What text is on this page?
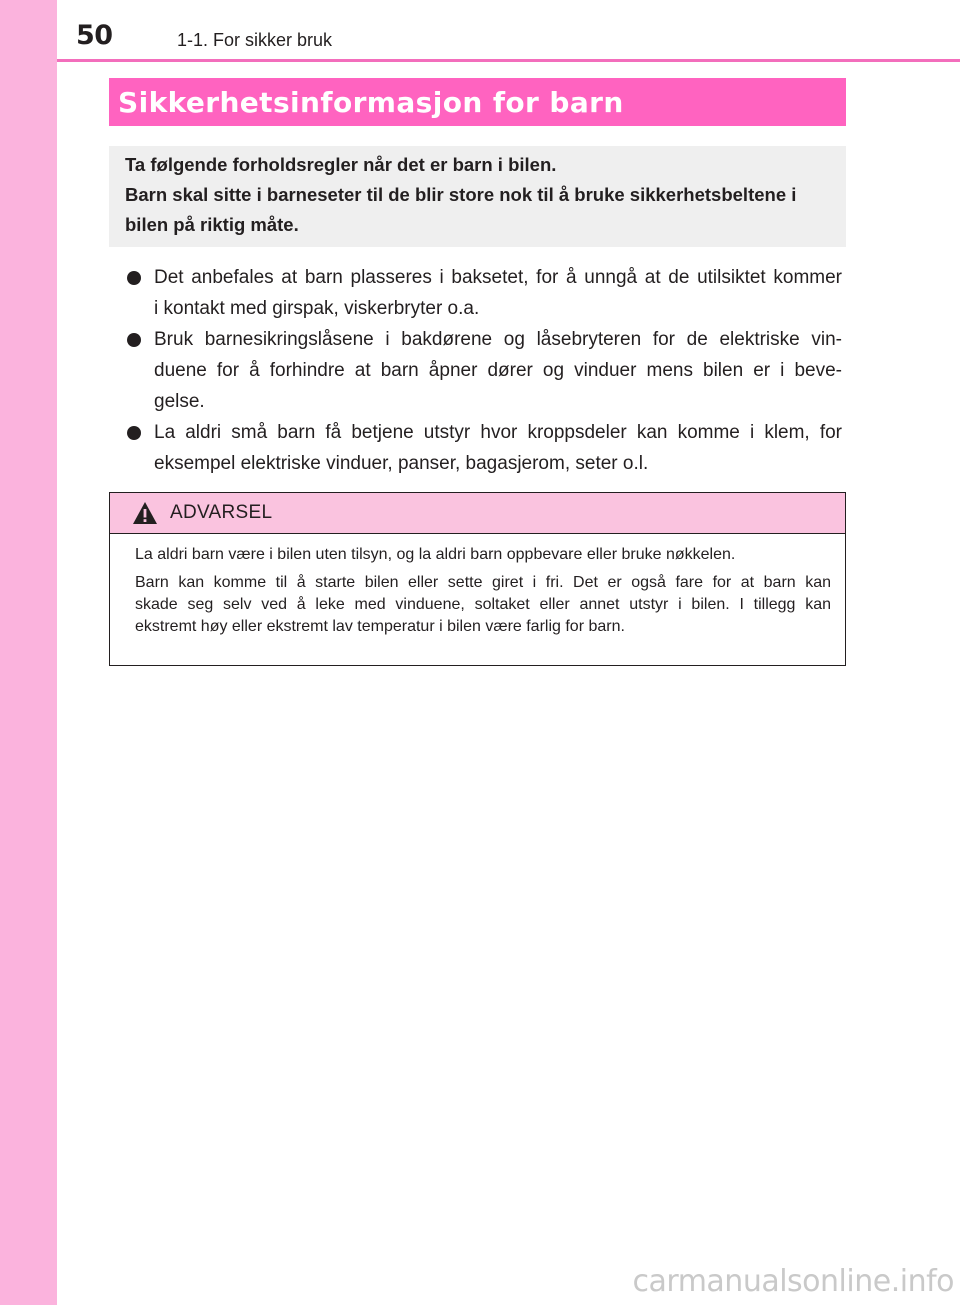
50	1-1. For sikker bruk
Sikkerhetsinformasjon for barn
Ta følgende forholdsregler når det er barn i bilen.
Barn skal sitte i barneseter til de blir store nok til å bruke sikkerhetsbeltene i
bilen på riktig måte.
Det anbefales at barn plasseres i baksetet, for å unngå at de utilsiktet kommer
i kontakt med girspak, viskerbryter o.a.
Bruk barnesikringslåsene i bakdørene og låsebryteren for de elektriske vin-
duene for å forhindre at barn åpner dører og vinduer mens bilen er i beve-
gelse.
La aldri små barn få betjene utstyr hvor kroppsdeler kan komme i klem, for
eksempel elektriske vinduer, panser, bagasjerom, seter o.l.
ADVARSEL
La aldri barn være i bilen uten tilsyn, og la aldri barn oppbevare eller bruke nøkkelen.
Barn kan komme til å starte bilen eller sette giret i fri. Det er også fare for at barn kan
skade seg selv ved å leke med vinduene, soltaket eller annet utstyr i bilen. I tillegg kan
ekstremt høy eller ekstremt lav temperatur i bilen være farlig for barn.
carmanualsonline.info
